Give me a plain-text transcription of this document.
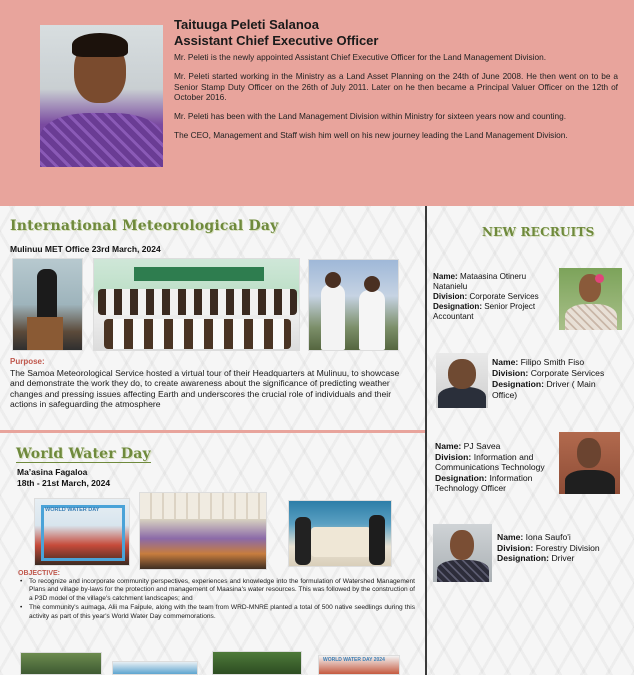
Taituuga Peleti Salanoa
Assistant Chief Executive Officer

Mr. Peleti is the newly appointed Assistant Chief Executive Officer for the Land Management Division.

Mr. Peleti started working in the Ministry as a Land Asset Planning on the 24th of June 2008. He then went on to be a Senior Stamp Duty Officer on the 26th of July 2011. Later on he then became a Principal Valuer Officer on the 12th of October 2016.

Mr. Peleti has been with the Land Management Division within Ministry for sixteen years now and counting.

The CEO, Management and Staff wish him well on his new journey leading the Land Management Division.

International Meteorological Day
Mulinuu MET Office 23rd March, 2024
Purpose:
The Samoa Meteorological Service hosted a virtual tour of their Headquarters at Mulinuu, to showcase and demonstrate the work they do, to create awareness about the significance of predicting weather changes and pressing issues affecting Earth and underscores the crucial role of individuals and their actions in safeguarding the atmosphere
World Water Day
Ma’asina Fagaloa
18th - 21st March, 2024
WORLD WATER DAY
OBJECTIVE:
• To recognize and incorporate community perspectives, experiences and knowledge into the formulation of Watershed Management Plans and village by-laws for the protection and management of Maasina's water resources. This was followed by the construction of a P3D model of the village's catchment landscapes; and
• The community's aumaga, Alii ma Faipule, along with the team from WRD-MNRE planted a total of 500 native seedlings during this activity as part of this year's World Water Day commemorations.
WORLD WATER DAY 2024
NEW RECRUITS
Name: Mataasina Otineru Natanielu
Division: Corporate Services
Designation: Senior Project Accountant
Name: Filipo Smith Fiso
Division: Corporate Services
Designation: Driver ( Main Office)
Name: PJ Savea
Division: Information and Communications Technology
Designation: Information Technology Officer
Name: Iona Saufo'i
Division: Forestry Division
Designation: Driver
